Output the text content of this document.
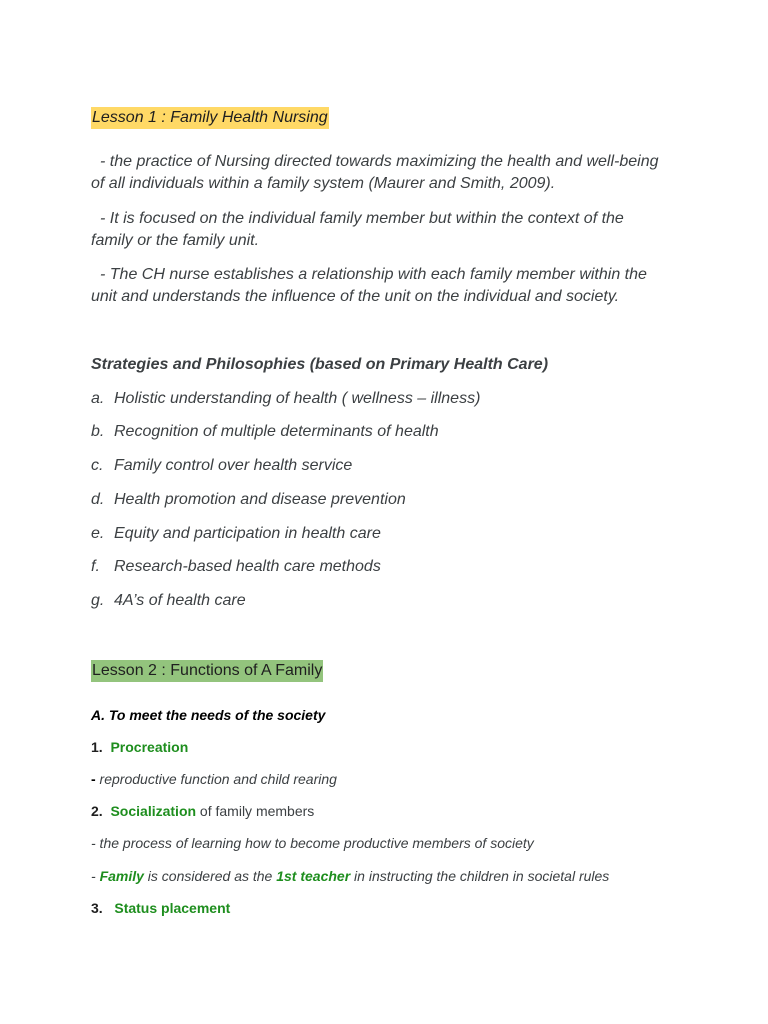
Lesson 1 : Family Health Nursing
- the practice of Nursing directed towards maximizing the health and well-being
of all individuals within a family system (Maurer and Smith, 2009).
- It is focused on the individual family member but within the context of the
family or the family unit.
- The CH nurse establishes a relationship with each family member within the
unit and understands the influence of the unit on the individual and society.
Strategies and Philosophies (based on Primary Health Care)
a. Holistic understanding of health ( wellness – illness)
b. Recognition of multiple determinants of health
c. Family control over health service
d. Health promotion and disease prevention
e. Equity and participation in health care
f. Research-based health care methods
g. 4A’s of health care
Lesson 2 : Functions of A Family
A. To meet the needs of the society
1. Procreation
- reproductive function and child rearing
2. Socialization of family members
- the process of learning how to become productive members of society
- Family is considered as the 1st teacher in instructing the children in societal rules
3. Status placement
